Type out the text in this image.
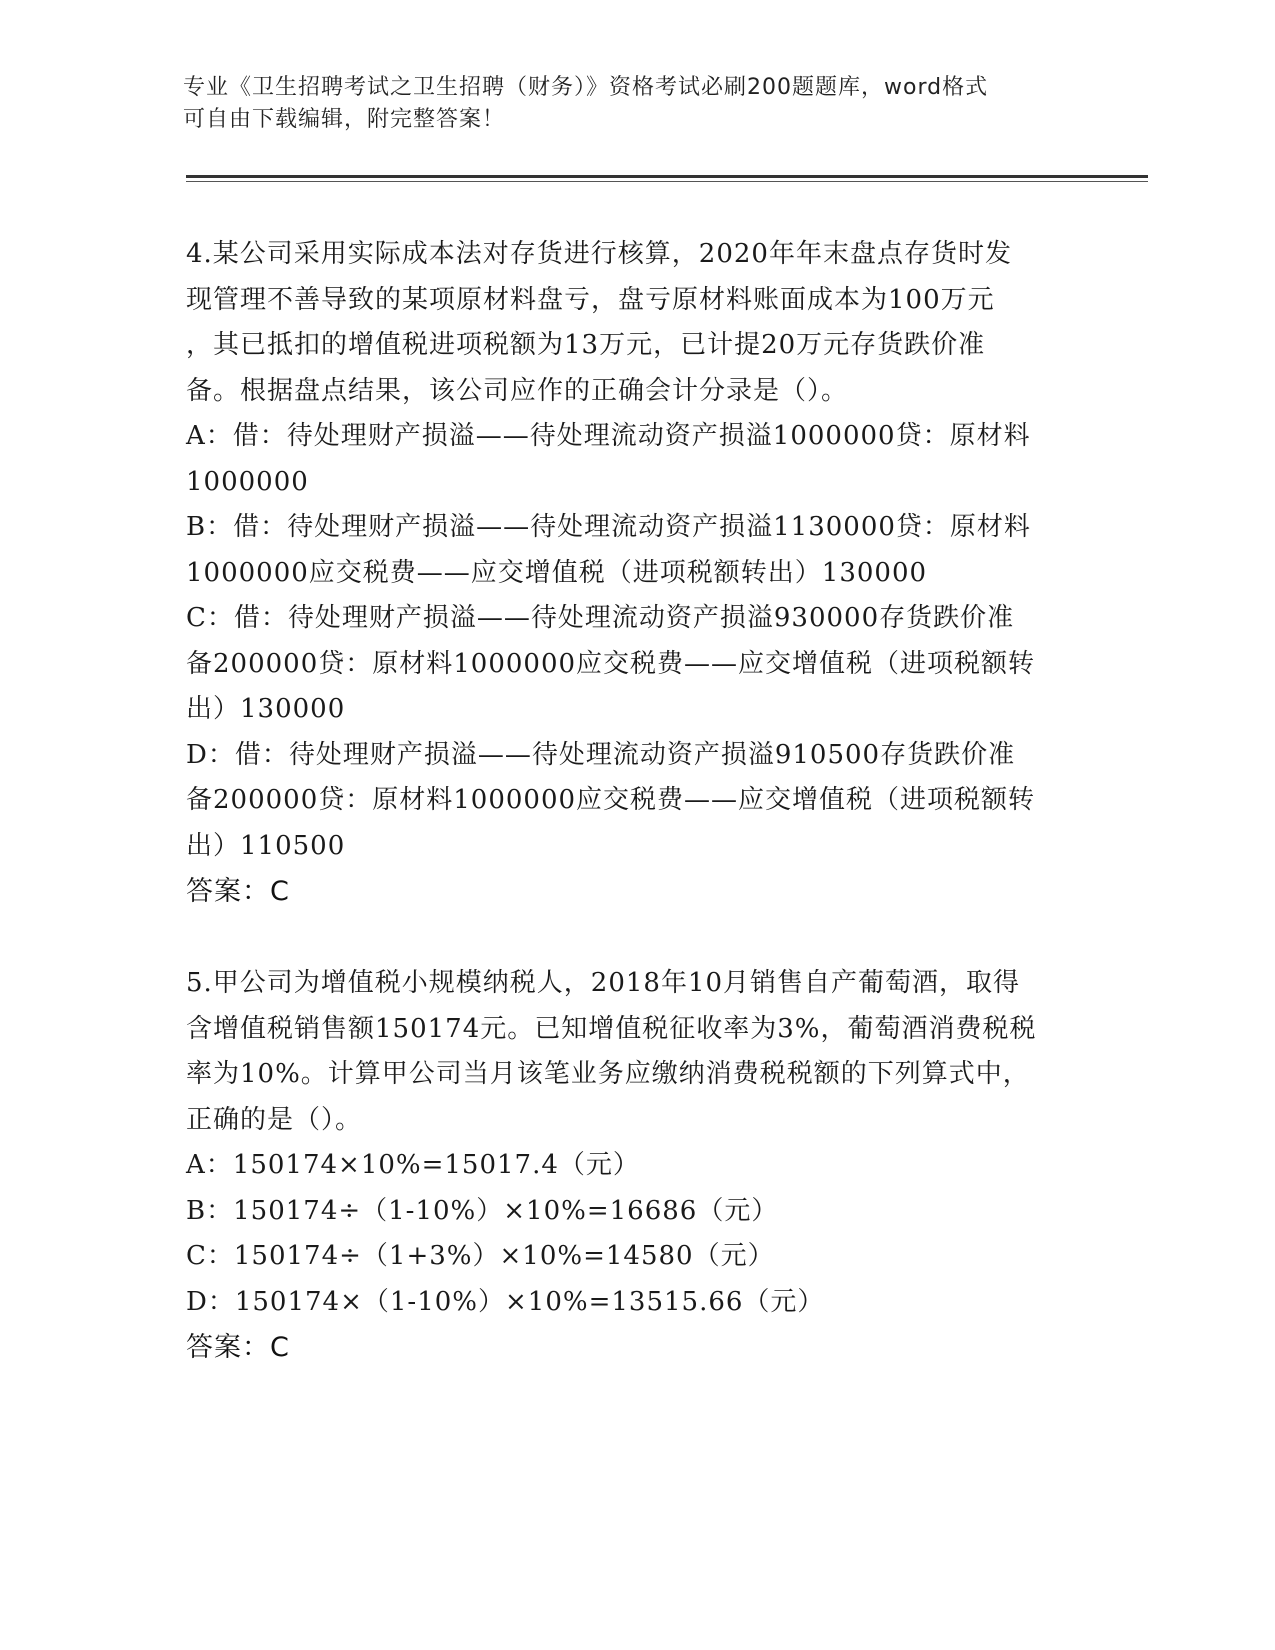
专业《卫生招聘考试之卫生招聘（财务）》资格考试必刷200题题库，word格式
可自由下载编辑，附完整答案！
4.某公司采用实际成本法对存货进行核算，2020年年末盘点存货时发
现管理不善导致的某项原材料盘亏，盘亏原材料账面成本为100万元
，其已抵扣的增值税进项税额为13万元，已计提20万元存货跌价准
备。根据盘点结果，该公司应作的正确会计分录是（）。
A：借：待处理财产损溢——待处理流动资产损溢1000000贷：原材料
1000000
B：借：待处理财产损溢——待处理流动资产损溢1130000贷：原材料
1000000应交税费——应交增值税（进项税额转出）130000
C：借：待处理财产损溢——待处理流动资产损溢930000存货跌价准
备200000贷：原材料1000000应交税费——应交增值税（进项税额转
出）130000
D：借：待处理财产损溢——待处理流动资产损溢910500存货跌价准
备200000贷：原材料1000000应交税费——应交增值税（进项税额转
出）110500
答案：C
5.甲公司为增值税小规模纳税人，2018年10月销售自产葡萄酒，取得
含增值税销售额150174元。已知增值税征收率为3%，葡萄酒消费税税
率为10%。计算甲公司当月该笔业务应缴纳消费税税额的下列算式中，
正确的是（）。
A：150174×10%=15017.4（元）
B：150174÷（1-10%）×10%=16686（元）
C：150174÷（1+3%）×10%=14580（元）
D：150174×（1-10%）×10%=13515.66（元）
答案：C
